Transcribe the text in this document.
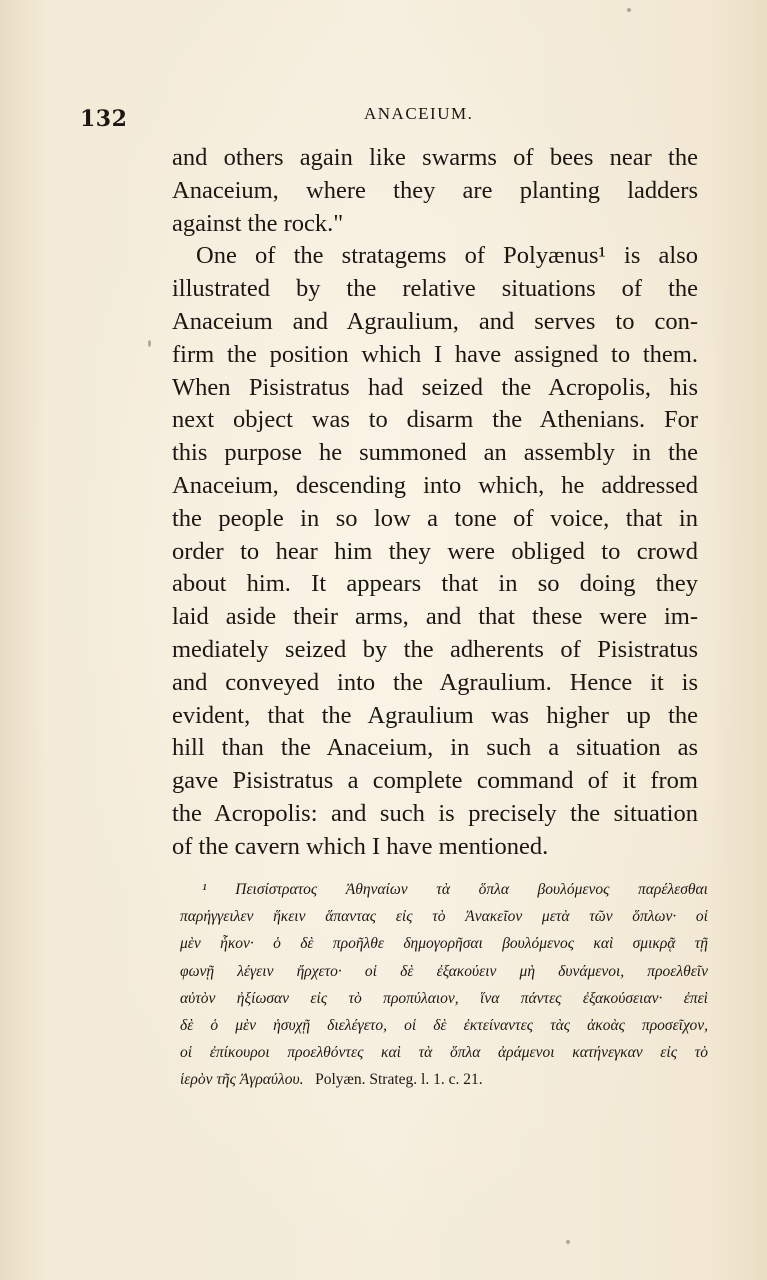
132	ANACEIUM.
and others again like swarms of bees near the
Anaceium, where they are planting ladders
against the rock."
One of the stratagems of Polyænus¹ is also
illustrated by the relative situations of the
Anaceium and Agraulium, and serves to con-
firm the position which I have assigned to them.
When Pisistratus had seized the Acropolis, his
next object was to disarm the Athenians. For
this purpose he summoned an assembly in the
Anaceium, descending into which, he addressed
the people in so low a tone of voice, that in
order to hear him they were obliged to crowd
about him. It appears that in so doing they
laid aside their arms, and that these were im-
mediately seized by the adherents of Pisistratus
and conveyed into the Agraulium. Hence it is
evident, that the Agraulium was higher up the
hill than the Anaceium, in such a situation as
gave Pisistratus a complete command of it from
the Acropolis: and such is precisely the situation
of the cavern which I have mentioned.
¹ Πεισίστρατος Ἀθηναίων τὰ ὅπλα βουλόμενος παρέλεσθαι
παρήγγειλεν ἥκειν ἅπαντας εἰς τὸ Ἀνακεῖον μετὰ τῶν ὅπλων· οἱ
μὲν ἧκον· ὁ δὲ προῆλθε δημογορῆσαι βουλόμενος καὶ σμικρᾷ τῇ
φωνῇ λέγειν ἤρχετο· οἱ δὲ ἐξακούειν μὴ δυνάμενοι, προελθεῖν
αὐτὸν ἠξίωσαν εἰς τὸ προπύλαιον, ἵνα πάντες ἐξακούσειαν· ἐπεὶ
δὲ ὁ μὲν ἡσυχῇ διελέγετο, οἱ δὲ ἐκτείναντες τὰς ἀκοὰς προσεῖχον,
οἱ ἐπίκουροι προελθόντες καὶ τὰ ὅπλα ἀράμενοι κατήνεγκαν εἰς τὸ
ἱερὸν τῆς Ἀγραύλου. Polyæn. Strateg. l. 1. c. 21.
